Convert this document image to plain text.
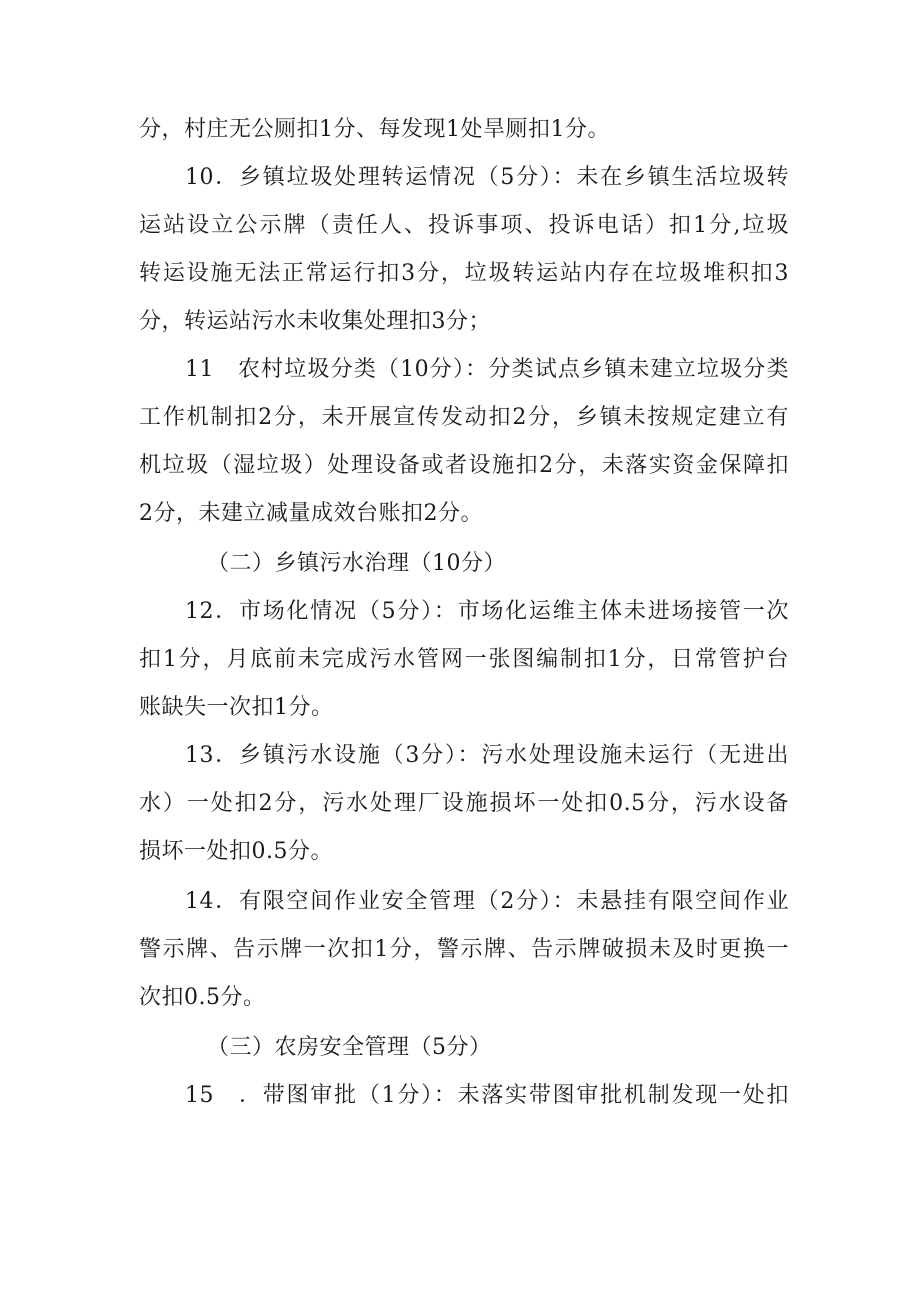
分，村庄无公厕扣1分、每发现1处旱厕扣1分。
10．乡镇垃圾处理转运情况（5分）：未在乡镇生活垃圾转
运站设立公示牌（责任人、投诉事项、投诉电话）扣1分,垃圾
转运设施无法正常运行扣3分，垃圾转运站内存在垃圾堆积扣3
分，转运站污水未收集处理扣3分；
11　农村垃圾分类（10分）：分类试点乡镇未建立垃圾分类
工作机制扣2分，未开展宣传发动扣2分，乡镇未按规定建立有
机垃圾（湿垃圾）处理设备或者设施扣2分，未落实资金保障扣
2分，未建立减量成效台账扣2分。
（二）乡镇污水治理（10分）
12．市场化情况（5分）：市场化运维主体未进场接管一次
扣1分，月底前未完成污水管网一张图编制扣1分，日常管护台
账缺失一次扣1分。
13．乡镇污水设施（3分）：污水处理设施未运行（无进出
水）一处扣2分，污水处理厂设施损坏一处扣0.5分，污水设备
损坏一处扣0.5分。
14．有限空间作业安全管理（2分）：未悬挂有限空间作业
警示牌、告示牌一次扣1分，警示牌、告示牌破损未及时更换一
次扣0.5分。
（三）农房安全管理（5分）
15　．带图审批（1分）：未落实带图审批机制发现一处扣
